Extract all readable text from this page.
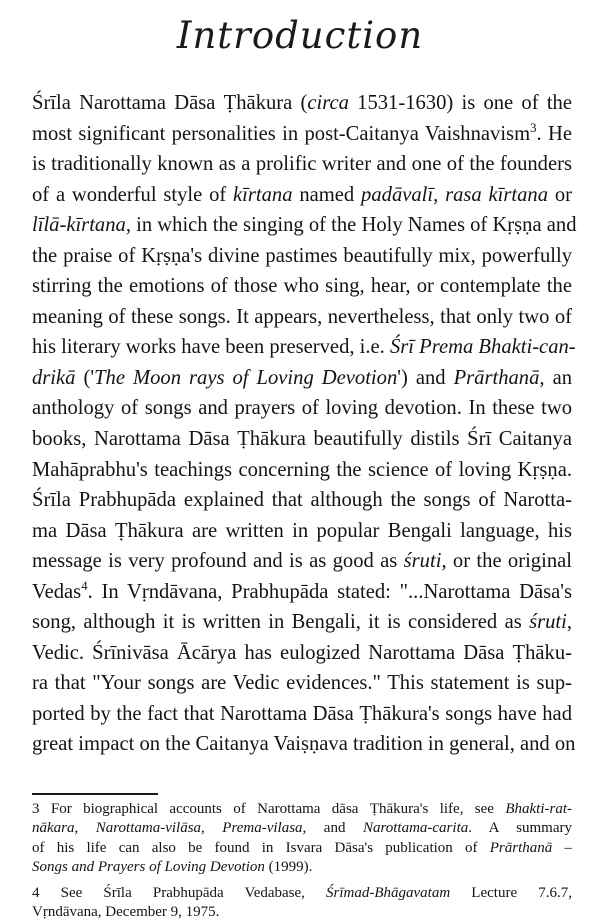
Introduction
Śrīla Narottama Dāsa Ṭhākura (circa 1531-1630) is one of the
most significant personalities in post-Caitanya Vaishnavism$^3$. He
is traditionally known as a prolific writer and one of the founders
of a wonderful style of kīrtana named padāvalī, rasa kīrtana or
līlā-kīrtana, in which the singing of the Holy Names of Kṛṣṇa and
the praise of Kṛṣṇa's divine pastimes beautifully mix, powerfully
stirring the emotions of those who sing, hear, or contemplate the
meaning of these songs. It appears, nevertheless, that only two of
his literary works have been preserved, i.e. Śrī Prema Bhakti-can-
drikā ('The Moon rays of Loving Devotion') and Prārthanā, an
anthology of songs and prayers of loving devotion. In these two
books, Narottama Dāsa Ṭhākura beautifully distils Śrī Caitanya
Mahāprabhu's teachings concerning the science of loving Kṛṣṇa.
Śrīla Prabhupāda explained that although the songs of Narotta-
ma Dāsa Ṭhākura are written in popular Bengali language, his
message is very profound and is as good as śruti, or the original
Vedas$^4$. In Vṛndāvana, Prabhupāda stated: "...Narottama Dāsa's
song, although it is written in Bengali, it is considered as śruti,
Vedic. Śrīnivāsa Ācārya has eulogized Narottama Dāsa Ṭhāku-
ra that "Your songs are Vedic evidences." This statement is sup-
ported by the fact that Narottama Dāsa Ṭhākura's songs have had
great impact on the Caitanya Vaiṣṇava tradition in general, and on

3 For biographical accounts of Narottama dāsa Ṭhākura's life, see Bhakti-rat-
nākara, Narottama-vilāsa, Prema-vilasa, and Narottama-carita. A summary
of his life can also be found in Isvara Dāsa's publication of Prārthanā –
Songs and Prayers of Loving Devotion (1999).

4 See Śrīla Prabhupāda Vedabase, Śrīmad-Bhāgavatam Lecture 7.6.7,
Vṛndāvana, December 9, 1975.
